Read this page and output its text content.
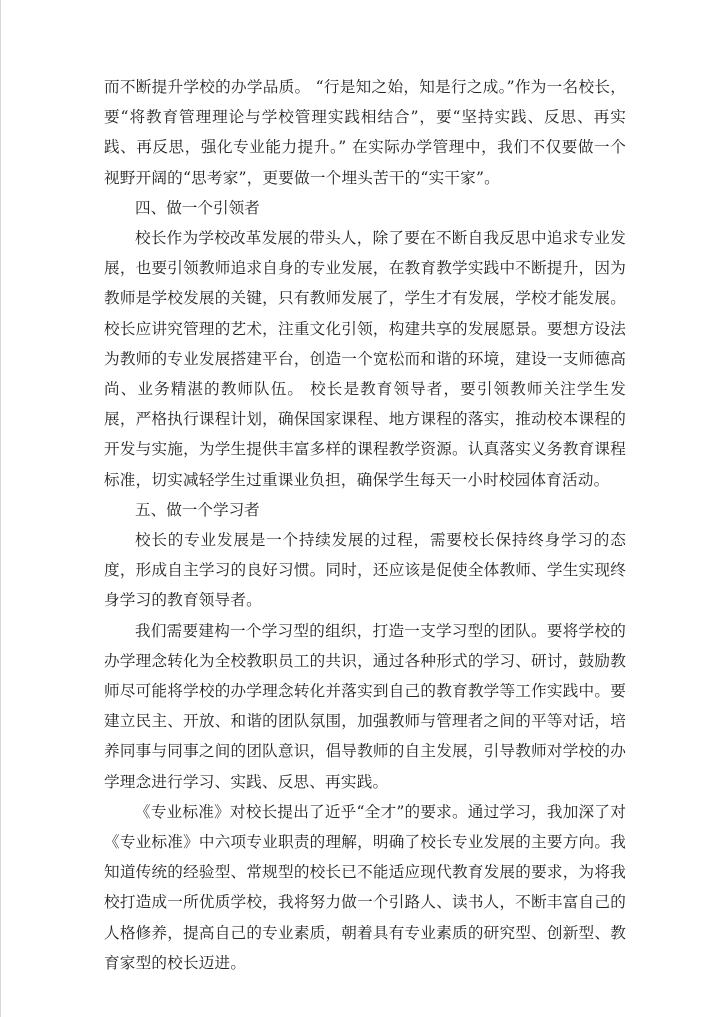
而不断提升学校的办学品质。 “行是知之始，知是行之成。”作为一名校长，要“将教育管理理论与学校管理实践相结合”，要“坚持实践、反思、再实践、再反思，强化专业能力提升。” 在实际办学管理中，我们不仅要做一个视野开阔的“思考家”，更要做一个埋头苦干的“实干家”。

四、做一个引领者

校长作为学校改革发展的带头人，除了要在不断自我反思中追求专业发展，也要引领教师追求自身的专业发展，在教育教学实践中不断提升，因为教师是学校发展的关键，只有教师发展了，学生才有发展，学校才能发展。校长应讲究管理的艺术，注重文化引领，构建共享的发展愿景。要想方设法为教师的专业发展搭建平台，创造一个宽松而和谐的环境，建设一支师德高尚、业务精湛的教师队伍。 校长是教育领导者，要引领教师关注学生发展，严格执行课程计划，确保国家课程、地方课程的落实，推动校本课程的开发与实施，为学生提供丰富多样的课程教学资源。认真落实义务教育课程标准，切实减轻学生过重课业负担，确保学生每天一小时校园体育活动。

五、做一个学习者

校长的专业发展是一个持续发展的过程，需要校长保持终身学习的态度，形成自主学习的良好习惯。同时，还应该是促使全体教师、学生实现终身学习的教育领导者。

我们需要建构一个学习型的组织，打造一支学习型的团队。要将学校的办学理念转化为全校教职员工的共识，通过各种形式的学习、研讨，鼓励教师尽可能将学校的办学理念转化并落实到自己的教育教学等工作实践中。要建立民主、开放、和谐的团队氛围，加强教师与管理者之间的平等对话，培养同事与同事之间的团队意识，倡导教师的自主发展，引导教师对学校的办学理念进行学习、实践、反思、再实践。

《专业标准》对校长提出了近乎“全才”的要求。通过学习，我加深了对《专业标准》中六项专业职责的理解，明确了校长专业发展的主要方向。我知道传统的经验型、常规型的校长已不能适应现代教育发展的要求，为将我校打造成一所优质学校，我将努力做一个引路人、读书人，不断丰富自己的人格修养，提高自己的专业素质，朝着具有专业素质的研究型、创新型、教育家型的校长迈进。
